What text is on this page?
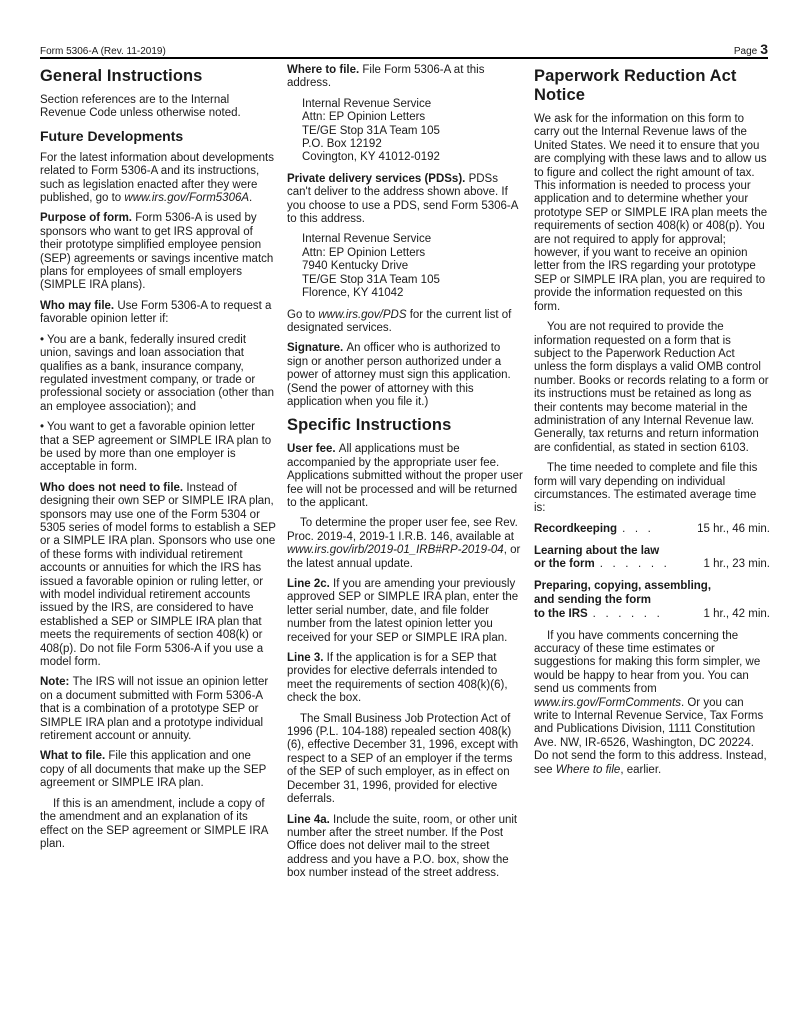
Form 5306-A (Rev. 11-2019)	Page 3
General Instructions

Section references are to the Internal Revenue Code unless otherwise noted.

Future Developments

For the latest information about developments related to Form 5306-A and its instructions, such as legislation enacted after they were published, go to www.irs.gov/Form5306A.

Purpose of form. Form 5306-A is used by sponsors who want to get IRS approval of their prototype simplified employee pension (SEP) agreements or savings incentive match plans for employees of small employers (SIMPLE IRA plans).

Who may file. Use Form 5306-A to request a favorable opinion letter if:

• You are a bank, federally insured credit union, savings and loan association that qualifies as a bank, insurance company, regulated investment company, or trade or professional society or association (other than an employee association); and

• You want to get a favorable opinion letter that a SEP agreement or SIMPLE IRA plan to be used by more than one employer is acceptable in form.

Who does not need to file. Instead of designing their own SEP or SIMPLE IRA plan, sponsors may use one of the Form 5304 or 5305 series of model forms to establish a SEP or a SIMPLE IRA plan. Sponsors who use one of these forms with individual retirement accounts or annuities for which the IRS has issued a favorable opinion or ruling letter, or with model individual retirement accounts issued by the IRS, are considered to have established a SEP or SIMPLE IRA plan that meets the requirements of section 408(k) or 408(p). Do not file Form 5306-A if you use a model form.

Note: The IRS will not issue an opinion letter on a document submitted with Form 5306-A that is a combination of a prototype SEP or SIMPLE IRA plan and a prototype individual retirement account or annuity.

What to file. File this application and one copy of all documents that make up the SEP agreement or SIMPLE IRA plan.

If this is an amendment, include a copy of the amendment and an explanation of its effect on the SEP agreement or SIMPLE IRA plan.

Where to file. File Form 5306-A at this address.

Internal Revenue Service
Attn: EP Opinion Letters
TE/GE Stop 31A Team 105
P.O. Box 12192
Covington, KY 41012-0192

Private delivery services (PDSs). PDSs can't deliver to the address shown above. If you choose to use a PDS, send Form 5306-A to this address.

Internal Revenue Service
Attn: EP Opinion Letters
7940 Kentucky Drive
TE/GE Stop 31A Team 105
Florence, KY 41042

Go to www.irs.gov/PDS for the current list of designated services.

Signature. An officer who is authorized to sign or another person authorized under a power of attorney must sign this application. (Send the power of attorney with this application when you file it.)

Specific Instructions

User fee. All applications must be accompanied by the appropriate user fee. Applications submitted without the proper user fee will not be processed and will be returned to the applicant.

To determine the proper user fee, see Rev. Proc. 2019-4, 2019-1 I.R.B. 146, available at www.irs.gov/irb/2019-01_IRB#RP-2019-04, or the latest annual update.

Line 2c. If you are amending your previously approved SEP or SIMPLE IRA plan, enter the letter serial number, date, and file folder number from the latest opinion letter you received for your SEP or SIMPLE IRA plan.

Line 3. If the application is for a SEP that provides for elective deferrals intended to meet the requirements of section 408(k)(6), check the box.

The Small Business Job Protection Act of 1996 (P.L. 104-188) repealed section 408(k)(6), effective December 31, 1996, except with respect to a SEP of an employer if the terms of the SEP of such employer, as in effect on December 31, 1996, provided for elective deferrals.

Line 4a. Include the suite, room, or other unit number after the street number. If the Post Office does not deliver mail to the street address and you have a P.O. box, show the box number instead of the street address.

Paperwork Reduction Act Notice

We ask for the information on this form to carry out the Internal Revenue laws of the United States. We need it to ensure that you are complying with these laws and to allow us to figure and collect the right amount of tax. This information is needed to process your application and to determine whether your prototype SEP or SIMPLE IRA plan meets the requirements of section 408(k) or 408(p). You are not required to apply for approval; however, if you want to receive an opinion letter from the IRS regarding your prototype SEP or SIMPLE IRA plan, you are required to provide the information requested on this form.

You are not required to provide the information requested on a form that is subject to the Paperwork Reduction Act unless the form displays a valid OMB control number. Books or records relating to a form or its instructions must be retained as long as their contents may become material in the administration of any Internal Revenue law. Generally, tax returns and return information are confidential, as stated in section 6103.

The time needed to complete and file this form will vary depending on individual circumstances. The estimated average time is:

Recordkeeping .   .   .	15 hr., 46 min.
Learning about the law
or the form .   .   .   .   .   .	1 hr., 23 min.
Preparing, copying, assembling,
and sending the form
to the IRS .   .   .   .   .   .	1 hr., 42 min.

If you have comments concerning the accuracy of these time estimates or suggestions for making this form simpler, we would be happy to hear from you. You can send us comments from www.irs.gov/FormComments. Or you can write to Internal Revenue Service, Tax Forms and Publications Division, 1111 Constitution Ave. NW, IR-6526, Washington, DC 20224. Do not send the form to this address. Instead, see Where to file, earlier.
